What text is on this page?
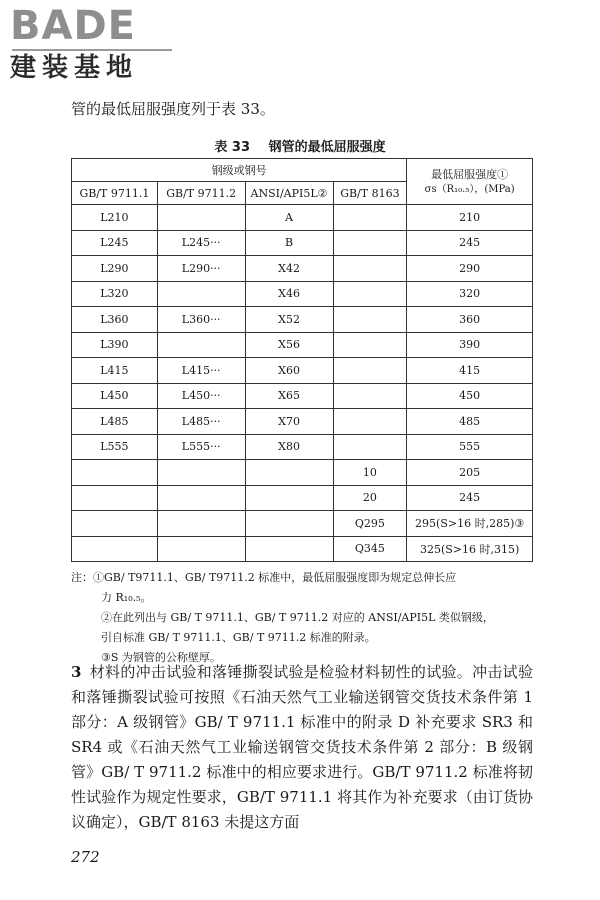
BADE
建装基地
管的最低屈服强度列于表 33。
表 33 钢管的最低屈服强度
钢级或钢号				最低屈服强度①
σs（R₁₀.₅），(MPa)

GB/T 9711.1	GB/T 9711.2	ANSI/API5L②	GB/T 8163	
L210		A		210
L245	L245···	B		245
L290	L290···	X42		290
L320		X46		320
L360	L360···	X52		360
L390		X56		390
L415	L415···	X60		415
L450	L450···	X65		450
L485	L485···	X70		485
L555	L555···	X80		555
			10	205
			20	245
			Q295	295(S>16 时,285)③
			Q345	325(S>16 时,315)
注：①GB/ T9711.1、GB/ T9711.2 标准中，最低屈服强度即为规定总伸长应
力 R₁₀.₅。
②在此列出与 GB/ T 9711.1、GB/ T 9711.2 对应的 ANSI/API5L 类似钢级，
引自标准 GB/ T 9711.1、GB/ T 9711.2 标准的附录。
③S 为钢管的公称壁厚。

3 材料的冲击试验和落锤撕裂试验是检验材料韧性的试验。冲击试验和落锤撕裂试验可按照《石油天然气工业输送钢管交货技术条件第 1 部分：A 级钢管》GB/ T 9711.1 标准中的附录 D 补充要求 SR3 和 SR4 或《石油天然气工业输送钢管交货技术条件第 2 部分：B 级钢管》GB/ T 9711.2 标准中的相应要求进行。GB/T 9711.2 标准将韧性试验作为规定性要求，GB/T 9711.1 将其作为补充要求（由订货协议确定），GB/T 8163 未提这方面

272
